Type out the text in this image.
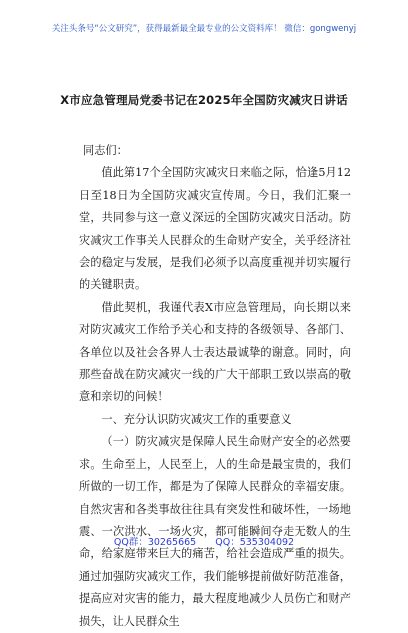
关注头条号“公文研究”，获得最新最全最专业的公文资料库！ 微信：gongwenyj
X市应急管理局党委书记在2025年全国防灾减灾日讲话

同志们：

值此第17个全国防灾减灾日来临之际，恰逢5月12日至18日为全国防灾减灾宣传周。今日，我们汇聚一堂，共同参与这一意义深远的全国防灾减灾日活动。防灾减灾工作事关人民群众的生命财产安全，关乎经济社会的稳定与发展，是我们必须予以高度重视并切实履行的关键职责。

借此契机，我谨代表X市应急管理局，向长期以来对防灾减灾工作给予关心和支持的各级领导、各部门、各单位以及社会各界人士表达最诚挚的谢意。同时，向那些奋战在防灾减灾一线的广大干部职工致以崇高的敬意和亲切的问候！

一、充分认识防灾减灾工作的重要意义

（一）防灾减灾是保障人民生命财产安全的必然要求。生命至上，人民至上，人的生命是最宝贵的，我们所做的一切工作，都是为了保障人民群众的幸福安康。自然灾害和各类事故往往具有突发性和破坏性，一场地震、一次洪水、一场火灾，都可能瞬间夺走无数人的生命，给家庭带来巨大的痛苦，给社会造成严重的损失。通过加强防灾减灾工作，我们能够提前做好防范准备，提高应对灾害的能力，最大程度地减少人员伤亡和财产损失，让人民群众生

QQ群：30265665 QQ：535304092
